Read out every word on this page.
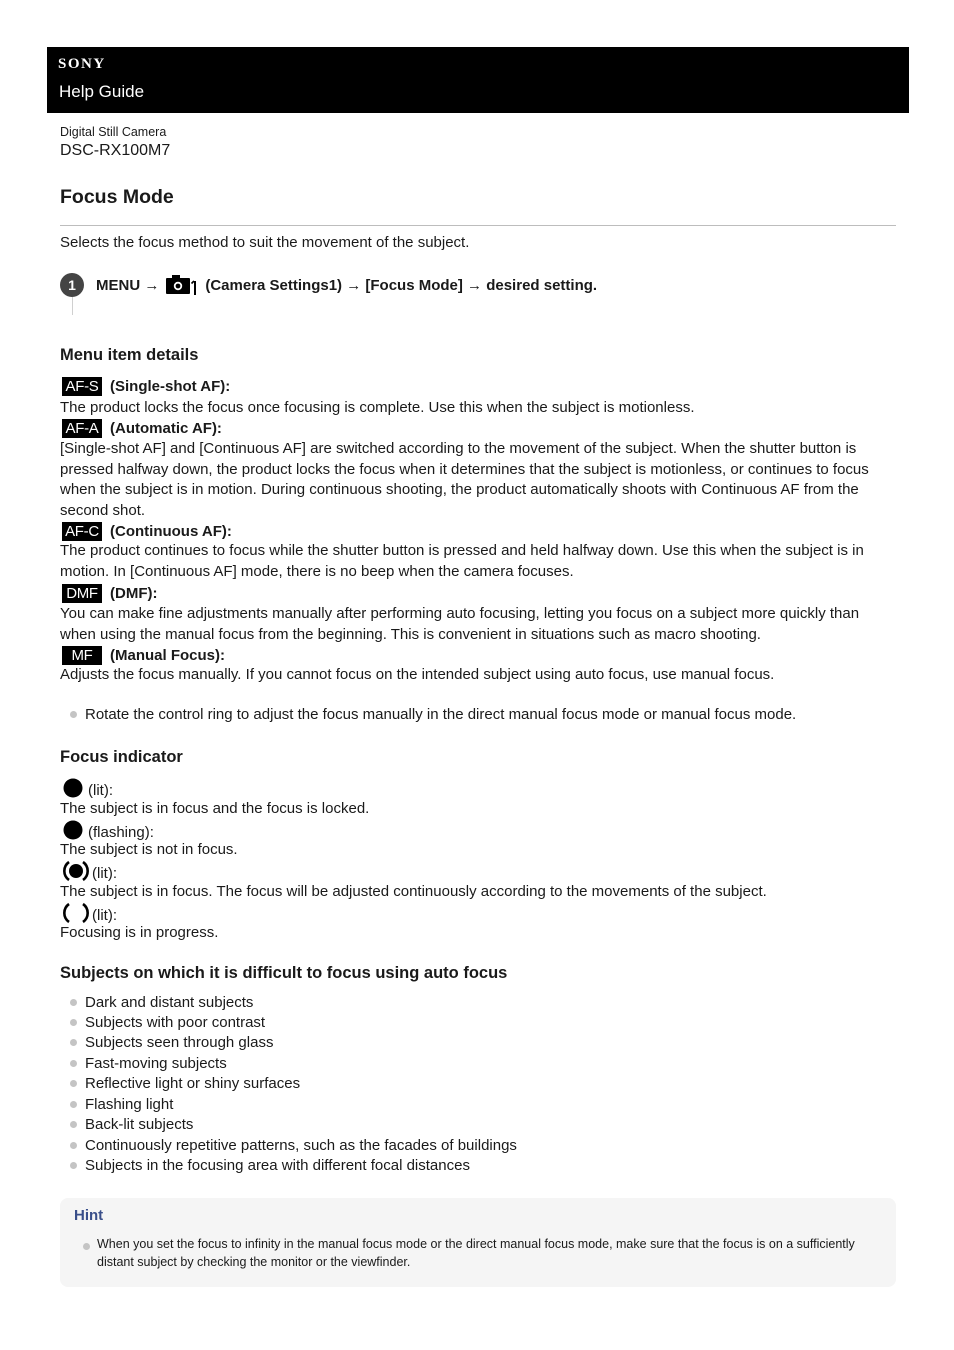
SONY
Help Guide
Digital Still Camera
DSC-RX100M7
Focus Mode
Selects the focus method to suit the movement of the subject.
1	MENU →	(Camera Settings1) → [Focus Mode] → desired setting.
Menu item details
AF-S (Single-shot AF):

The product locks the focus once focusing is complete. Use this when the subject is motionless.

AF-A (Automatic AF):

[Single-shot AF] and [Continuous AF] are switched according to the movement of the subject. When the shutter button is pressed halfway down, the product locks the focus when it determines that the subject is motionless, or continues to focus when the subject is in motion. During continuous shooting, the product automatically shoots with Continuous AF from the second shot.

AF-C (Continuous AF):

The product continues to focus while the shutter button is pressed and held halfway down. Use this when the subject is in motion. In [Continuous AF] mode, there is no beep when the camera focuses.

DMF (DMF):

You can make fine adjustments manually after performing auto focusing, letting you focus on a subject more quickly than when using the manual focus from the beginning. This is convenient in situations such as macro shooting.

MF	(Manual Focus):

Adjusts the focus manually. If you cannot focus on the intended subject using auto focus, use manual focus.

Rotate the control ring to adjust the focus manually in the direct manual focus mode or manual focus mode.
Focus indicator
(lit):

The subject is in focus and the focus is locked.

(flashing):

The subject is not in focus.

(lit):

The subject is in focus. The focus will be adjusted continuously according to the movements of the subject.

(lit):

Focusing is in progress.

Subjects on which it is difficult to focus using auto focus
Dark and distant subjects
Subjects with poor contrast
Subjects seen through glass
Fast-moving subjects
Reflective light or shiny surfaces
Flashing light
Back-lit subjects
Continuously repetitive patterns, such as the facades of buildings
Subjects in the focusing area with different focal distances
Hint

When you set the focus to infinity in the manual focus mode or the direct manual focus mode, make sure that the focus is on a sufficiently distant subject by checking the monitor or the viewfinder.
